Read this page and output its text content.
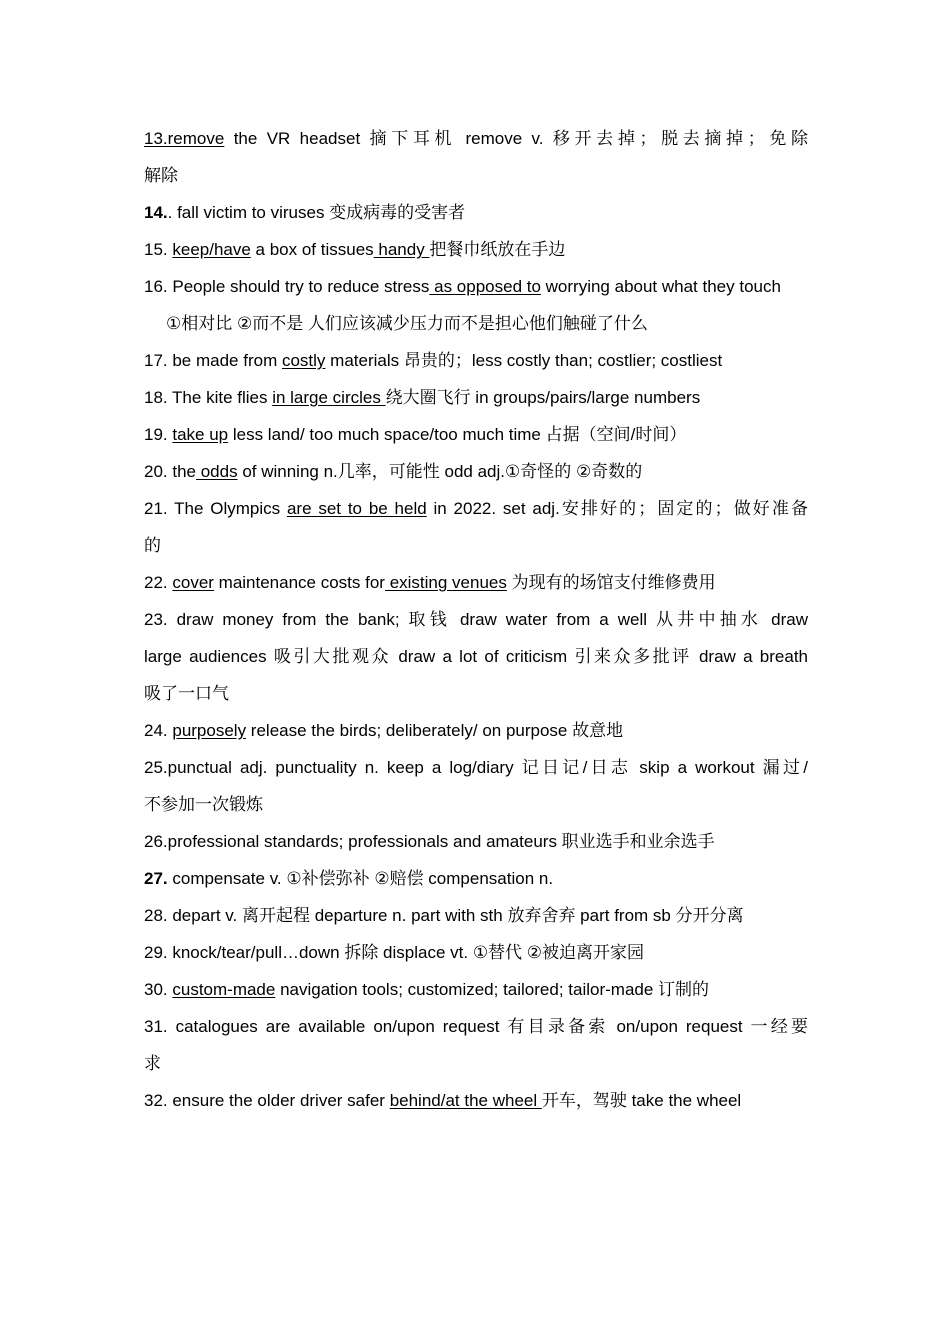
13.remove the VR headset 摘下耳机 remove v. 移开去掉；脱去摘掉；免除
解除
14.. fall victim to viruses 变成病毒的受害者
15. keep/have a box of tissues handy 把餐巾纸放在手边
16. People should try to reduce stress as opposed to worrying about what they touch
①相对比 ②而不是 人们应该减少压力而不是担心他们触碰了什么
17. be made from costly materials 昂贵的；less costly than; costlier; costliest
18. The kite flies in large circles 绕大圈飞行 in groups/pairs/large numbers
19. take up less land/ too much space/too much time 占据（空间/时间）
20. the odds of winning n.几率，可能性 odd adj.①奇怪的 ②奇数的
21. The Olympics are set to be held in 2022. set adj.安排好的；固定的；做好准备
的
22. cover maintenance costs for existing venues 为现有的场馆支付维修费用
23. draw money from the bank; 取钱 draw water from a well 从井中抽水 draw
large audiences 吸引大批观众 draw a lot of criticism 引来众多批评 draw a breath
吸了一口气
24. purposely release the birds; deliberately/ on purpose 故意地
25.punctual adj. punctuality n. keep a log/diary 记日记/日志 skip a workout 漏过/
不参加一次锻炼
26.professional standards; professionals and amateurs 职业选手和业余选手
27. compensate v. ①补偿弥补 ②赔偿 compensation n.
28. depart v. 离开起程 departure n. part with sth 放弃舍弃 part from sb 分开分离
29. knock/tear/pull…down 拆除 displace vt. ①替代 ②被迫离开家园
30. custom-made navigation tools; customized; tailored; tailor-made 订制的
31. catalogues are available on/upon request 有目录备索 on/upon request 一经要
求
32. ensure the older driver safer behind/at the wheel 开车，驾驶 take the wheel
